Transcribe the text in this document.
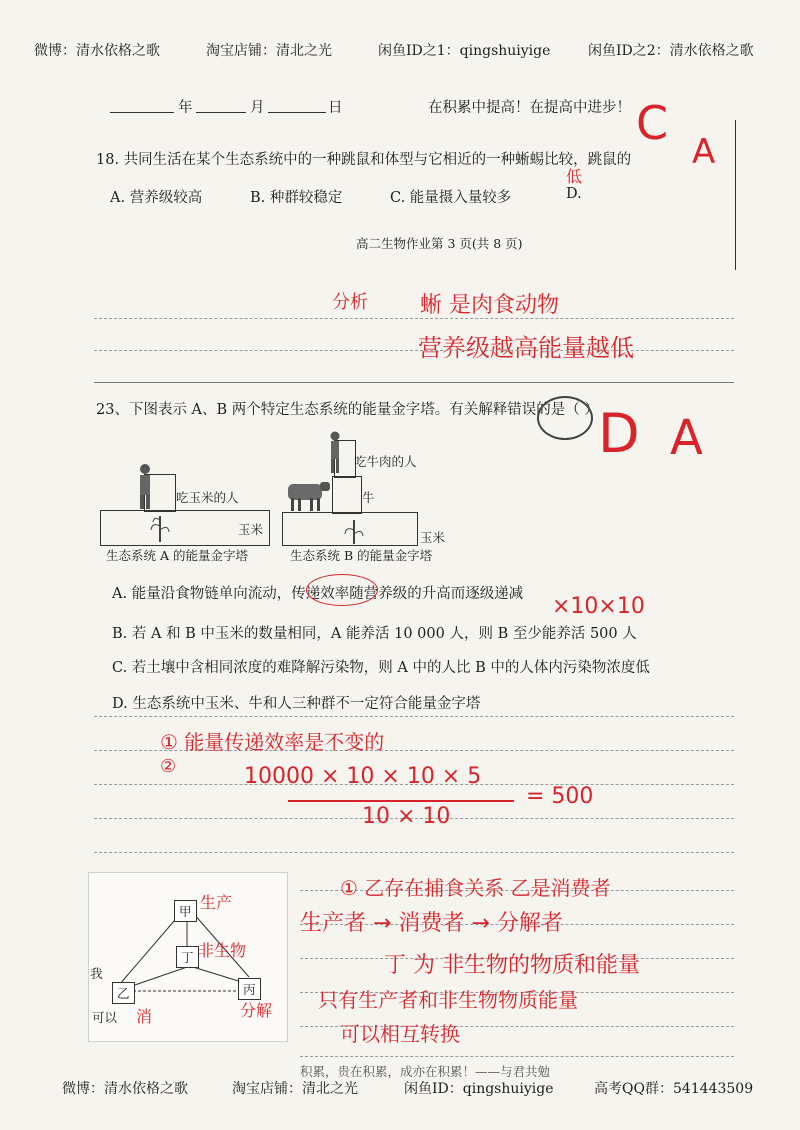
微博：清水依格之歌	淘宝店铺：清北之光	闲鱼ID之1：qingshuiyige	闲鱼ID之2：清水依格之歌
年	月	日	在积累中提高！在提高中进步！
18. 共同生活在某个生态系统中的一种跳鼠和体型与它相近的一种蜥蜴比较，跳鼠的
A. 营养级较高	B. 种群较稳定	C. 能量摄入量较多	D.
高二生物作业第 3 页(共 8 页)
C
A
低
分析 蜥 是肉食动物
营养级越高能量越低
23、下图表示 A、B 两个特定生态系统的能量金字塔。有关解释错误的是（ ） D A
吃玉米的人
玉米
生态系统 A 的能量金字塔
吃牛肉的人
牛
玉米
生态系统 B 的能量金字塔
A. 能量沿食物链单向流动，传递效率随营养级的升高而逐级递减 ×10×10
B. 若 A 和 B 中玉米的数量相同，A 能养活 10 000 人，则 B 至少能养活 500 人
C. 若土壤中含相同浓度的难降解污染物，则 A 中的人比 B 中的人体内污染物浓度低
D. 生态系统中玉米、牛和人三种群不一定符合能量金字塔
① 能量传递效率是不变的
②	10000 × 10 × 10 × 5
10 × 10
= 500
甲
丁
乙	丙
我
可以
生产
非生物
消	分解
① 乙存在捕食关系 乙是消费者
生产者 → 消费者 → 分解者
丁 为 非生物的物质和能量
只有生产者和非生物物质能量
可以相互转换
积累，贵在积累，成亦在积累！——与君共勉
微博：清水依格之歌	淘宝店铺：清北之光	闲鱼ID：qingshuiyige	高考QQ群：541443509
